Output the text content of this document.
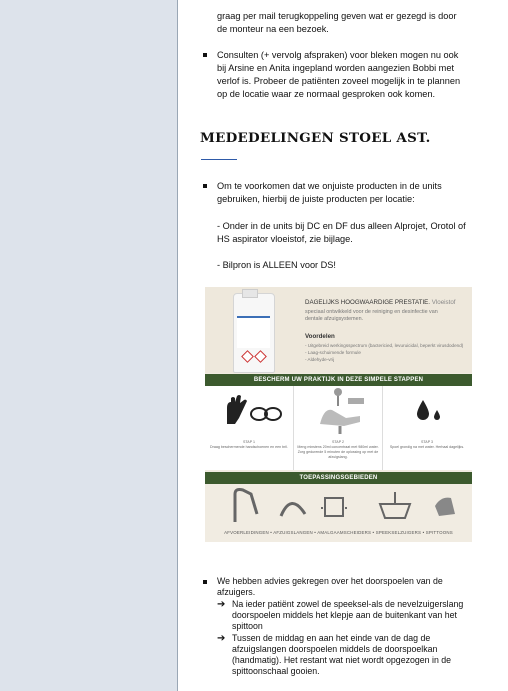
graag per mail terugkoppeling geven wat er gezegd is door

de monteur na een bezoek.

Consulten (+ vervolg afspraken) voor bleken mogen nu ook

bij Arsine en Anita ingepland worden aangezien Bobbi met

verlof is. Probeer de patiënten zoveel mogelijk in te plannen

op de locatie waar ze normaal gesproken ook komen.

MEDEDELINGEN STOEL AST.

Om te voorkomen dat we onjuiste producten in de units

gebruiken, hierbij de juiste producten per locatie:

- Onder in de units bij DC en DF dus alleen Alprojet, Orotol of

HS aspirator vloeistof, zie bijlage.

- Bilpron is ALLEEN voor DS!

DAGELIJKS HOOGWAARDIGE PRESTATIE. Vloeistof

speciaal ontwikkeld voor de reiniging en desinfectie van

dentale afzuigsystemen.

Voordelen

- Uitgebreid werkingsspectrum (bactericied, levuruicidal, beperkt virusdodend)

- Laag-schuimende formule

- Aldehyde-vrij

BESCHERM UW PRAKTIJK IN DEZE SIMPELE STAPPEN
STAP 1
Draag beschermende handschoenen en een bril.
STAP 2
Meng minstens 20ml concentraat met 980ml water. Zorg gedurende 5 minuten de oplossing op met de afzuigslang.
STAP 3
Spoel grondig na met water. Herhaal dagelijks.
TOEPASSINGSGEBIEDEN
AFVOERLEIDINGEN • AFZUIGSLANGEN • AMALGAAMSCHEIDERS • SPEEKSELZUIGERS • SPITTOONS

We hebben advies gekregen over het doorspoelen van de

afzuigers.

➔ Na ieder patiënt zowel de speeksel-als de nevelzuigerslang

doorspoelen middels het klepje aan de buitenkant van het

spittoon

➔ Tussen de middag en aan het einde van de dag de

afzuigslangen doorspoelen middels de doorspoelkan

(handmatig). Het restant wat niet wordt opgezogen in de

spittoonschaal gooien.
